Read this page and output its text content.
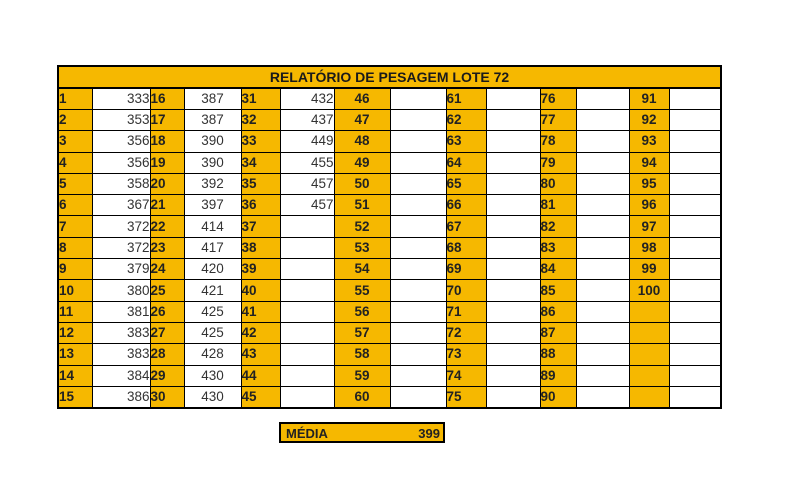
RELATÓRIO DE PESAGEM LOTE 72													
1	333	16	387	31	432	46		61		76		91	
2	353	17	387	32	437	47		62		77		92	
3	356	18	390	33	449	48		63		78		93	
4	356	19	390	34	455	49		64		79		94	
5	358	20	392	35	457	50		65		80		95	
6	367	21	397	36	457	51		66		81		96	
7	372	22	414	37		52		67		82		97	
8	372	23	417	38		53		68		83		98	
9	379	24	420	39		54		69		84		99	
10	380	25	421	40		55		70		85		100	
11	381	26	425	41		56		71		86			
12	383	27	425	42		57		72		87			
13	383	28	428	43		58		73		88			
14	384	29	430	44		59		74		89			
15	386	30	430	45		60		75		90			
MÉDIA	399
